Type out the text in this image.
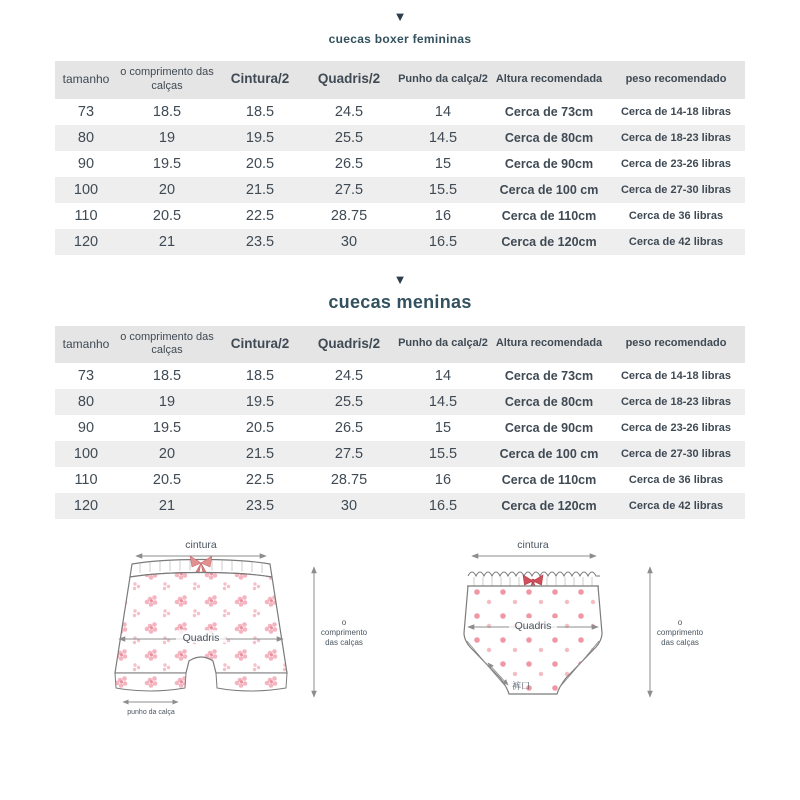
▼
cuecas boxer femininas
tamanho	o comprimento das calças	Cintura/2	Quadris/2	Punho da calça/2	Altura recomendada	peso recomendado
73	18.5	18.5	24.5	14	Cerca de 73cm	Cerca de 14-18 libras
80	19	19.5	25.5	14.5	Cerca de 80cm	Cerca de 18-23 libras
90	19.5	20.5	26.5	15	Cerca de 90cm	Cerca de 23-26 libras
100	20	21.5	27.5	15.5	Cerca de 100 cm	Cerca de 27-30 libras
110	20.5	22.5	28.75	16	Cerca de 110cm	Cerca de 36 libras
120	21	23.5	30	16.5	Cerca de 120cm	Cerca de 42 libras
▼
cuecas meninas
tamanho	o comprimento das calças	Cintura/2	Quadris/2	Punho da calça/2	Altura recomendada	peso recomendado
73	18.5	18.5	24.5	14	Cerca de 73cm	Cerca de 14-18 libras
80	19	19.5	25.5	14.5	Cerca de 80cm	Cerca de 18-23 libras
90	19.5	20.5	26.5	15	Cerca de 90cm	Cerca de 23-26 libras
100	20	21.5	27.5	15.5	Cerca de 100 cm	Cerca de 27-30 libras
110	20.5	22.5	28.75	16	Cerca de 110cm	Cerca de 36 libras
120	21	23.5	30	16.5	Cerca de 120cm	Cerca de 42 libras
cintura
Quadris
punho da calça
o
comprimento
das calças
cintura
Quadris
裤口
o
comprimento
das calças
